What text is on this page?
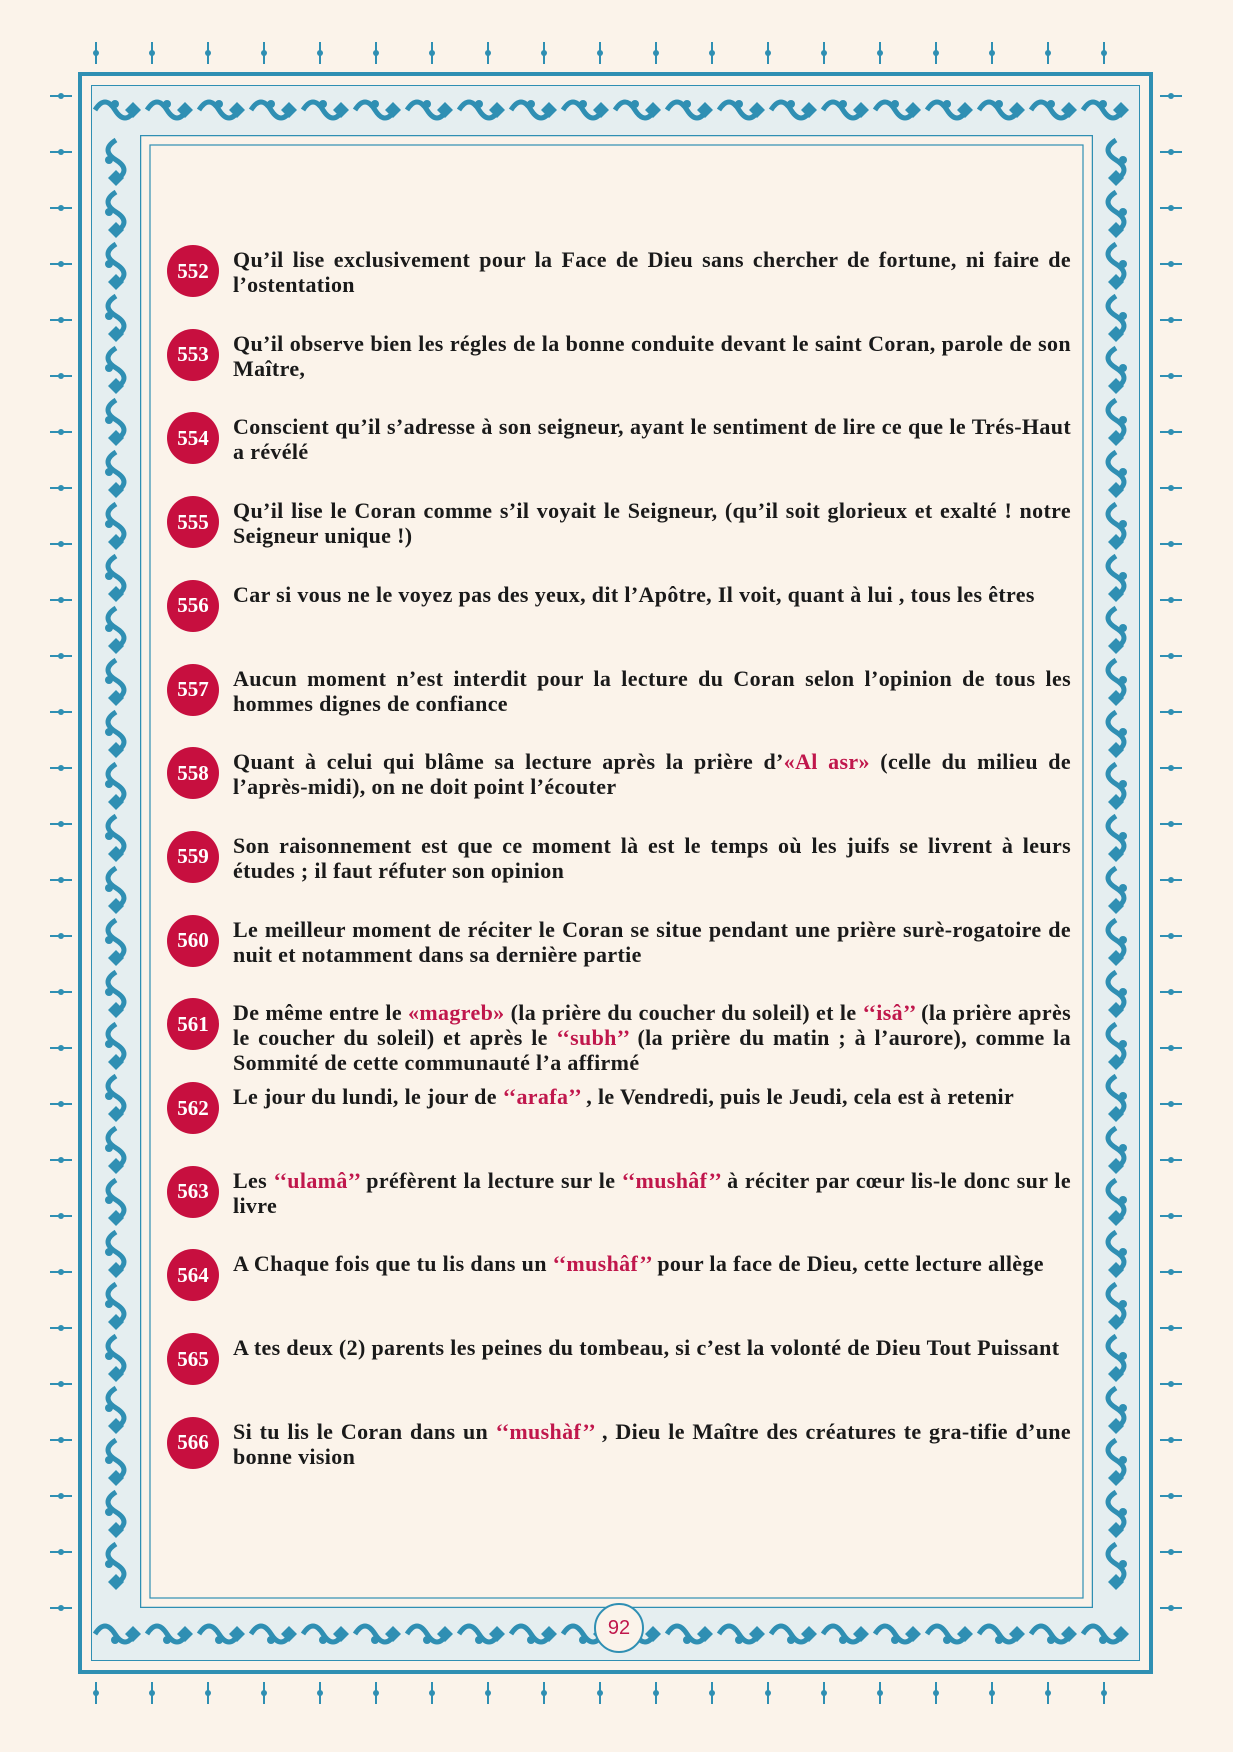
552	Qu’il lise exclusivement pour la Face de Dieu sans chercher de fortune, ni faire de l’ostentation
553	Qu’il observe bien les régles de la bonne conduite devant le saint Coran, parole de son Maître,
554	Conscient qu’il s’adresse à son seigneur, ayant le sentiment de lire ce que le Trés-Haut a révélé
555	Qu’il lise le Coran comme s’il voyait le Seigneur, (qu’il soit glorieux et exalté ! notre Seigneur unique !)
556	Car si vous ne le voyez pas des yeux, dit l’Apôtre, Il voit, quant à lui , tous les êtres
557	Aucun moment n’est interdit pour la lecture du Coran selon l’opinion de tous les hommes dignes de confiance
558	Quant à celui qui blâme sa lecture après la prière d’«Al asr» (celle du milieu de l’après-midi), on ne doit point l’écouter
559	Son raisonnement est que ce moment là est le temps où les juifs se livrent à leurs études ; il faut réfuter son opinion
560	Le meilleur moment de réciter le Coran se situe pendant une prière surè-rogatoire de nuit et notamment dans sa dernière partie
561	De même entre le «magreb» (la prière du coucher du soleil) et le ‘‘isâ’’ (la prière après le coucher du soleil) et après le ‘‘subh’’ (la prière du matin ; à l’aurore), comme la Sommité de cette communauté l’a affirmé
562	Le jour du lundi, le jour de ‘‘arafa’’ , le Vendredi, puis le Jeudi, cela est à retenir
563	Les ‘‘ulamâ’’ préfèrent la lecture sur le ‘‘mushâf’’ à réciter par cœur lis-le donc sur le livre
564	A Chaque fois que tu lis dans un ‘‘mushâf’’ pour la face de Dieu, cette lecture allège
565	A tes deux (2) parents les peines du tombeau, si c’est la volonté de Dieu Tout Puissant
566	Si tu lis le Coran dans un ‘‘mushàf’’ , Dieu le Maître des créatures te gra-tifie d’une bonne vision
92
